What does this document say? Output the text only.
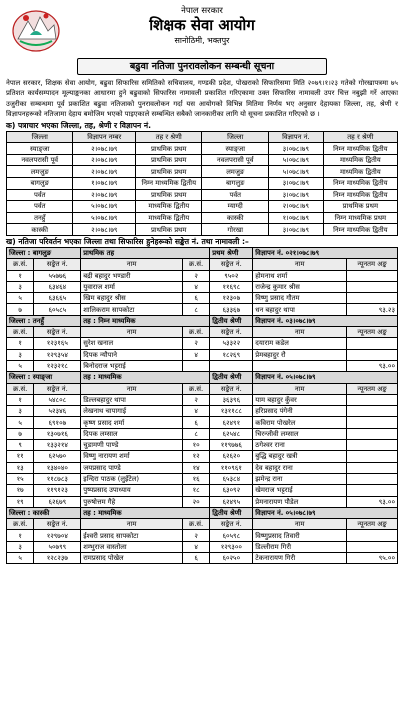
नेपाल सरकार
शिक्षक सेवा आयोग
सानोठिमी, भक्तपुर
बढुवा नतिजा पुनरावलोकन सम्बन्धी सूचना
नेपाल सरकार, शिक्षक सेवा आयोग, बढुवा सिफारिस समितिको सचिवालय, गण्डकी प्रदेश, पोखराको सिफारिसमा मिति २०७९।१।२३ गतेको गोरखापत्रमा ७५ प्रतिशत कार्यसम्पादन मूल्याङ्कनका आधारमा हुने बढुवाको सिफारिस नामावली प्रकाशित गरिएकामा उक्त सिफारिस नामावली उपर चित्त नबुझी गरें आएका उजुरीका सम्बन्धमा पूर्व प्रकाशित बढुवा नतिजाको पुनरावलोकन गर्दा यस आयोगको विभिन्न मितिमा निर्णय भए अनुसार देहायका जिल्ला, तह, श्रेणी र विज्ञापनहरूको नतिजामा देहाय बमोजिम भएको पाइएकाले सम्बन्धित सबैको जानकारीका लागि यो सूचना प्रकाशित गरिएको छ ।
क) पत्राचार भएका जिल्ला, तह, श्रेणी र विज्ञापन नं.
जिल्ला	विज्ञापन नम्बर	तह र श्रेणी	जिल्ला	विज्ञापन नं.	तह र श्रेणी
स्याङ्जा	२।०७८।७९	प्राथमिक प्रथम	स्याङ्जा	३।०७८।७९	निम्न माध्यमिक द्वितीय
नवलपरासी पूर्व	२।०७८।७९	प्राथमिक प्रथम	नवलपरासी पूर्व	५।०७८।७९	माध्यमिक द्वितीय
लमजुङ	२।०७८।७९	प्राथमिक प्रथम	लमजुङ	५।०७८।७९	माध्यमिक द्वितीय
बागलुङ	१।०७८।७९	निम्न माध्यमिक द्वितीय	बागलुङ	३।०७८।७९	निम्न माध्यमिक द्वितीय
पर्वत	२।०७८।७९	प्राथमिक प्रथम	पर्वत	३।०७८।७९	निम्न माध्यमिक द्वितीय
पर्वत	५।०७८।७९	माध्यमिक द्वितीय	म्याग्दी	२।०७८।७९	प्राथमिक प्रथम
तनहुँ	५।०७८।७९	माध्यमिक द्वितीय	कास्की	१।०७८।७९	निम्न माध्यमिक प्रथम
कास्की	२।०७८।७९	प्राथमिक प्रथम	गोरखा	३।०७८।७९	निम्न माध्यमिक द्वितीय
ख) नतिजा परिवर्तन भएका जिल्ला तथा सिफारिस हुनेहरूको सङ्केत नं. तथा नामावली :–
जिल्ला : बागलुङ		प्राथमिक तह		प्रथम श्रेणी	विज्ञापन नं. ०२१।०७८।७९	
क्र.सं.	सङ्केत नं.	नाम	क्र.सं.	सङ्केत नं.	नाम	न्यूनतम अङ्क
१	५५७७६	बद्री बहादुर भण्डारी	२	९५०२	होमनाथ शर्मा	
३	६३४६४	युवाराज शर्मा	४	११६९८	राजेन्द्र कुमार श्रीस	
५	६३६६५	खिम बहादुर श्रीस	६	१२३०७	विष्णु प्रसाद गौतम	
७	६०५८५	शालिकराम सापकोटा	८	६३३६७	धन बहादुर थापा	९३.२३
जिल्ला : तनहुँ		तह : निम्न माध्यमिक		द्वितीय श्रेणी	विज्ञापन नं. ०३।०७८।७९	
क्र.सं.	सङ्केत नं.	नाम	क्र.सं.	सङ्केत नं.	नाम	न्यूनतम अङ्क
१	१२३१६५	सुरेश खनाल	२	५३३२२	दयाराम कडेल	
३	१२९३५४	दिपक न्यौपाने	४	१८२६९	प्रेमबहादुर रोे	
५	१२३२१८	बिनोदराज भट्टराई				९३.००
जिल्ला : स्याङ्जा		तह : माध्यमिक		द्वितीय श्रेणी	विज्ञापन नं. ०५।०७८।७९	
क्र.सं.	सङ्केत नं.	नाम	क्र.सं.	सङ्केत नं.	नाम	न्यूनतम अङ्क
१	५४८०८	डिल्लबहादुर थापा	२	३६३९६	याम बहादुर कुँवर	
३	५२३४६	लेखनाथ चापागाई	४	१३११८८	हरिप्रसाद पंगेनी	
५	६९१०७	कृष्ण प्रसाद शर्मा	६	६२४९१	कविराम पोखरेल	
७	१३०७१६	दिपक लम्साल	८	६२५४८	चिरन्जीवी लम्साल	
९	१३३२१४	चुडामणी पाण्डे	१०	११९७७६	ठगेश्वर राना	
११	६२५७०	विष्णु नारायण शर्मा	१२	६२६२०	बुद्धि बहादुर खत्री	
१३	१३४०४०	जयप्रसाद पाण्डे	१४	११०९६१	देव बहादुर राना	
१५	११८७८३	इन्दिरा पाठक (लुइँटेल)	१६	६५३८४	झमेन्द्र राना	
१७	११९१२३	पुष्पप्रसाद उपाध्याय	१८	६३०९२	खेमराज भट्टराई	
१९	६२६७९	पुरुषोत्तम गैहे	२०	६२४९५	प्रेमनारायण पौडेल	९३.००
जिल्ला : कास्की		तह : माध्यमिक		द्वितीय श्रेणी	विज्ञापन नं. ०५।०७८।७९	
क्र.सं.	सङ्केत नं.	नाम	क्र.सं.	सङ्केत नं.	नाम	न्यूनतम अङ्क
१	१२९७०४	ईश्वरी प्रसाद सापकोटा	२	६०५९८	विष्णुप्रसाद तिवारी	
३	५०७९९	शम्भुराज वास्तोला	४	१२९३००	डिल्लीराम गिरी	
५	१२८२३७	रामप्रसाद पोखेल	६	६०२५०	टेकनारायण गिरी	९५.००
